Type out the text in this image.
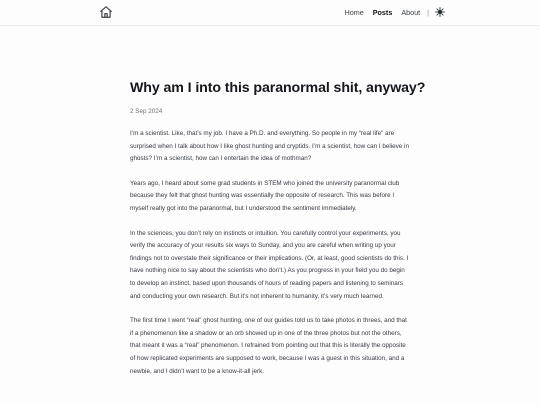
Home Posts About |
Why am I into this paranormal shit, anyway?
2 Sep 2024

I’m a scientist. Like, that’s my job. I have a Ph.D. and everything. So people in my “real life” are surprised when I talk about how I like ghost hunting and cryptids. I’m a scientist, how can I believe in ghosts? I’m a scientist, how can I entertain the idea of mothman?

Years ago, I heard about some grad students in STEM who joined the university paranormal club because they felt that ghost hunting was essentially the opposite of research. This was before I myself really got into the paranormal, but I understood the sentiment immediately.

In the sciences, you don’t rely on instincts or intuition. You carefully control your experiments, you verify the accuracy of your results six ways to Sunday, and you are careful when writing up your findings not to overstate their significance or their implications. (Or, at least, good scientists do this. I have nothing nice to say about the scientists who don’t.) As you progress in your field you do begin to develop an instinct, based upon thousands of hours of reading papers and listening to seminars and conducting your own research. But it’s not inherent to humanity, it’s very much learned.

The first time I went “real” ghost hunting, one of our guides told us to take photos in threes, and that if a phenomenon like a shadow or an orb showed up in one of the three photos but not the others, that meant it was a “real” phenomenon. I refrained from pointing out that this is literally the opposite of how replicated experiments are supposed to work, because I was a guest in this situation, and a newbie, and I didn’t want to be a know-it-all jerk.
